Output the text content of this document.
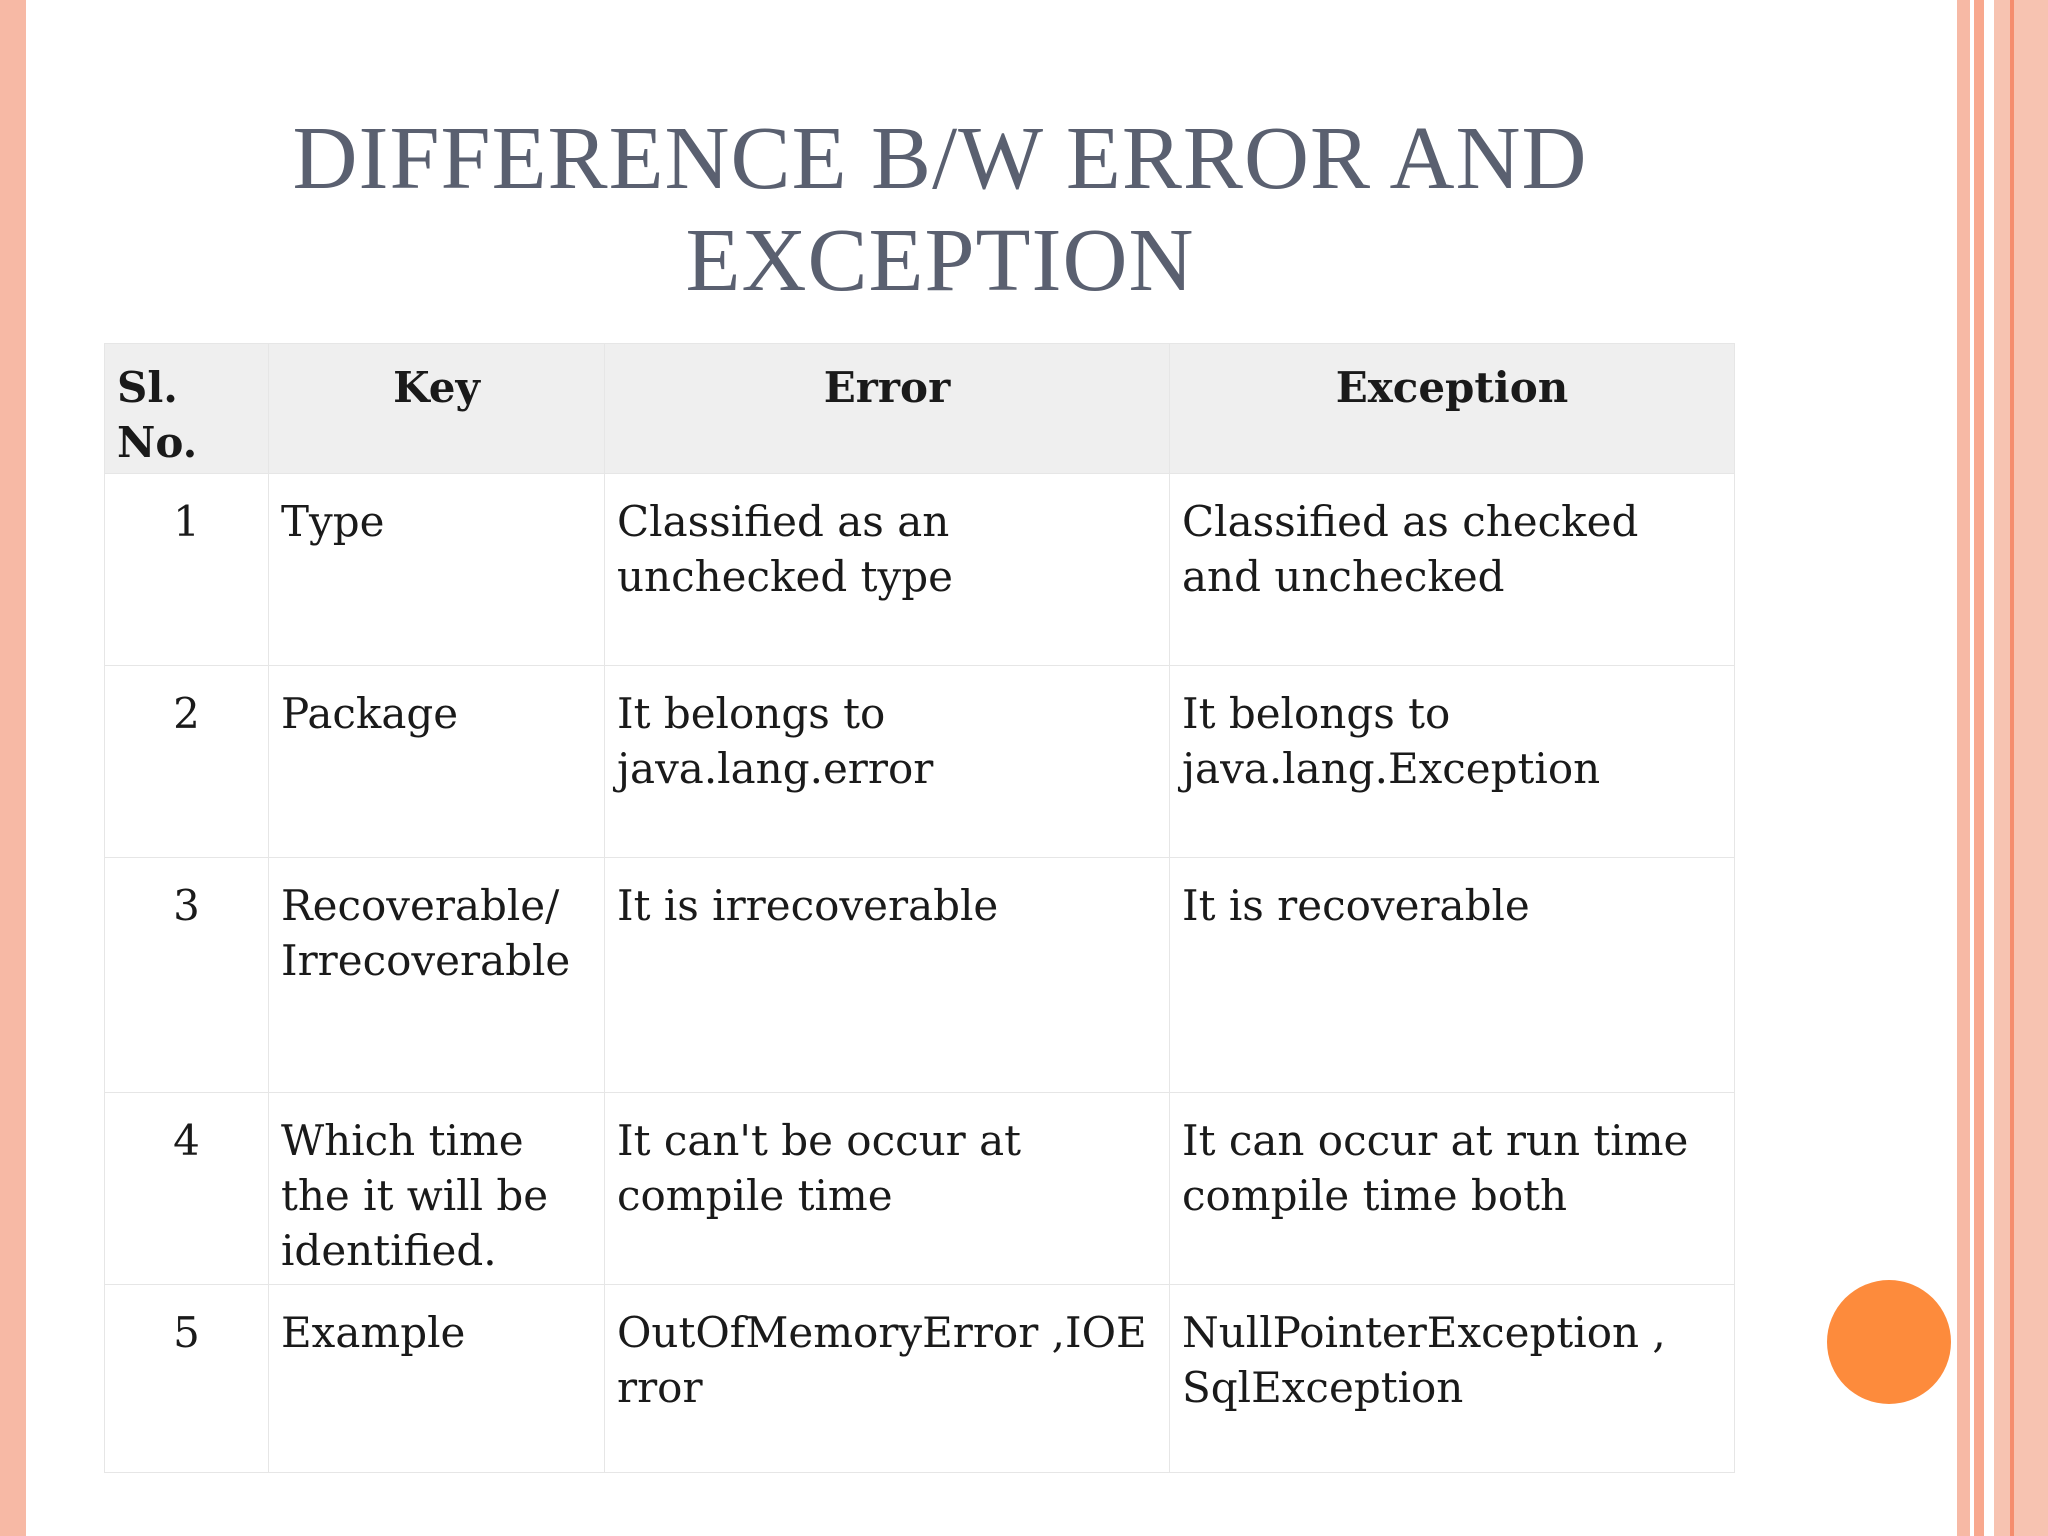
DIFFERENCE B/W ERROR AND
EXCEPTION
Sl. No.	Key	Error	Exception
1	Type	Classified as an unchecked type	Classified as checked and unchecked
2	Package	It belongs to java.lang.error	It belongs to java.lang.Exception
3	Recoverable/ Irrecoverable	It is irrecoverable	It is recoverable
4	Which time the it will be identified.	It can't be occur at compile time	It can occur at run time compile time both
5	Example	OutOfMemoryError ,IOE rror	NullPointerException , SqlException
